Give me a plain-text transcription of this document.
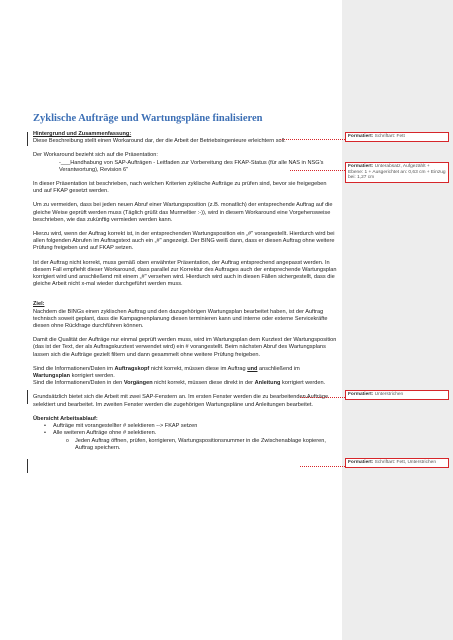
Zyklische Aufträge und Wartungspläne finalisieren
Hintergrund und Zusammenfassung:
Diese Beschreibung stellt einen Workaround dar, der die Arbeit der Betriebsingenieure erleichtern soll.
Der Workaround bezieht sich auf die Präsentation:
-___Handhabung von SAP-Aufträgen - Leitfaden zur Vorbereitung des FKAP-Status (für alle NAS in NSG's Verantwortung), Revision 6"
In dieser Präsentation ist beschrieben, nach welchen Kriterien zyklische Aufträge zu prüfen sind, bevor sie freigegeben und auf FKAP gesetzt werden.
Um zu vermeiden, dass bei jeden neuen Abruf einer Wartungsposition (z.B. monatlich) der entsprechende Auftrag auf die gleiche Weise geprüft werden muss (Täglich grüßt das Murmeltier :-)), wird in diesem Workaround eine Vorgehensweise beschrieben, wie das zukünftig vermieden werden kann.
Hierzu wird, wenn der Auftrag korrekt ist, in der entsprechenden Wartungsposition ein „#" vorangestellt. Hierdurch wird bei allen folgenden Abrufen im Auftragstext auch ein „#" angezeigt. Der BING weiß dann, dass er diesen Auftrag ohne weitere Prüfung freigeben und auf FKAP setzen.
Ist der Auftrag nicht korrekt, muss gemäß oben erwähnter Präsentation, der Auftrag entsprechend angepasst werden. In diesem Fall empfiehlt dieser Workaround, dass parallel zur Korrektur des Auftrages auch der entsprechende Wartungsplan korrigiert wird und anschließend mit einem „#" versehen wird. Hierdurch wird auch in diesen Fällen sichergestellt, dass die gleiche Arbeit nicht x-mal wieder durchgeführt werden muss.
Ziel:
Nachdem die BINGs einen zyklischen Auftrag und den dazugehörigen Wartungsplan bearbeitet haben, ist der Auftrag technisch soweit geplant, dass die Kampagnenplanung diesen terminieren kann und interne oder externe Servicekräfte diesen ohne Rückfrage durchführen können.
Damit die Qualität der Aufträge nur einmal geprüft werden muss, wird im Wartungsplan dem Kurztext der Wartungsposition (das ist der Text, der als Auftragskurztext verwendet wird) ein # vorangestellt. Beim nächsten Abruf des Wartungsplans lassen sich die Aufträge gezielt filtern und dann gesammelt ohne weitere Prüfung freigeben.
Sind die Informationen/Daten im Auftragskopf nicht korrekt, müssen diese im Auftrag und anschließend im Wartungsplan korrigiert werden.
Sind die Informationen/Daten in den Vorgängen nicht korrekt, müssen diese direkt in der Anleitung korrigiert werden.
Grundsätzlich bietet sich die Arbeit mit zwei SAP-Fenstern an. Im ersten Fenster werden die zu bearbeitenden Aufträge selektiert und bearbeitet. Im zweiten Fenster werden die zugehörigen Wartungspläne und Anleitungen bearbeitet.
Übersicht Arbeitsablauf:
• Aufträge mit vorangestellter # selektieren --> FKAP setzen
• Alle weiteren Aufträge ohne # selektieren.
o Jeden Auftrag öffnen, prüfen, korrigieren, Wartungspositionsnummer in die Zwischenablage kopieren, Auftrag speichern.
Formatiert: Schriftart: Fett
Formatiert: Unterabsatz, Aufgezählt + Ebene: 1 + Ausgerichtet an: 0,63 cm + Einzug bei: 1,27 cm
Formatiert: Unterstrichen
Formatiert: Schriftart: Fett, Unterstrichen
